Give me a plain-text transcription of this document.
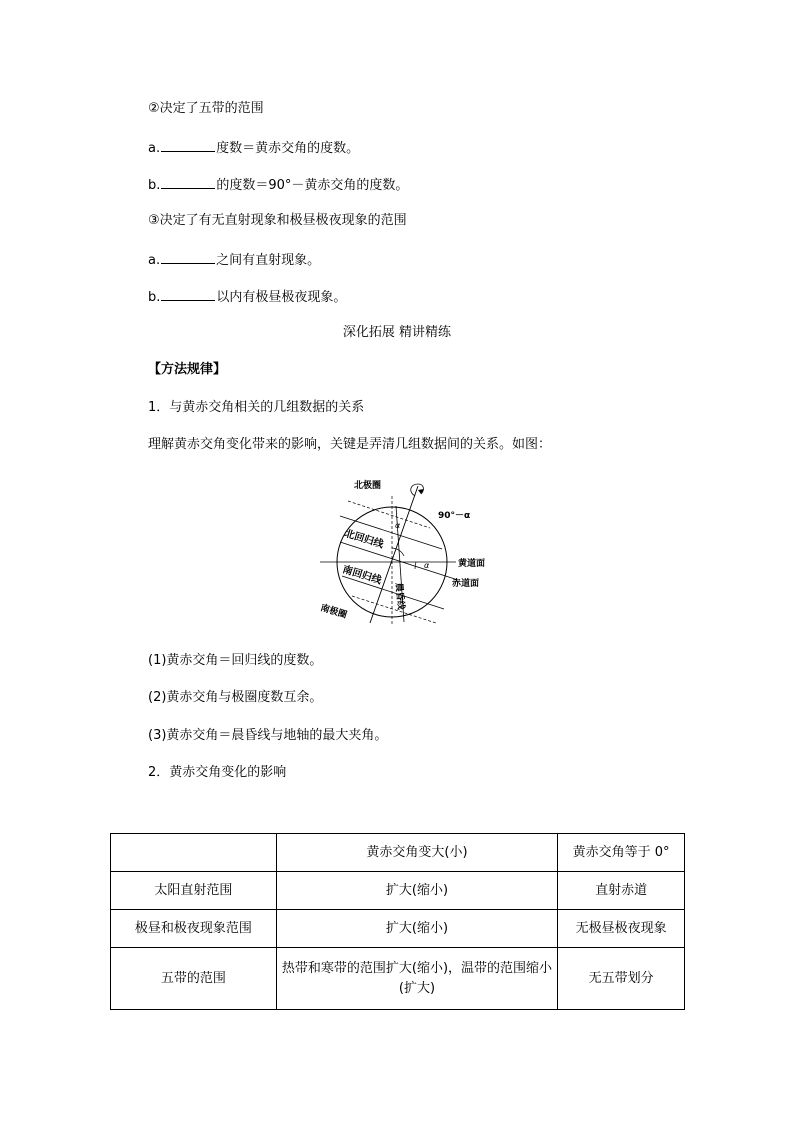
②决定了五带的范围
a.	度数＝黄赤交角的度数。
b.	的度数＝90°－黄赤交角的度数。
③决定了有无直射现象和极昼极夜现象的范围
a.	之间有直射现象。
b.	以内有极昼极夜现象。
深化拓展 精讲精练
【方法规律】
1．与黄赤交角相关的几组数据的关系
理解黄赤交角变化带来的影响，关键是弄清几组数据间的关系。如图：
北极圈
90°－α
α
α
北回归线
黄道面
赤道面
南回归线
晨昏线
南极圈
(1)黄赤交角＝回归线的度数。
(2)黄赤交角与极圈度数互余。
(3)黄赤交角＝晨昏线与地轴的最大夹角。
2．黄赤交角变化的影响
	黄赤交角变大(小)	黄赤交角等于 0°
太阳直射范围	扩大(缩小)	直射赤道
极昼和极夜现象范围	扩大(缩小)	无极昼极夜现象
五带的范围	热带和寒带的范围扩大(缩小)，温带的范围缩小(扩大)	无五带划分
